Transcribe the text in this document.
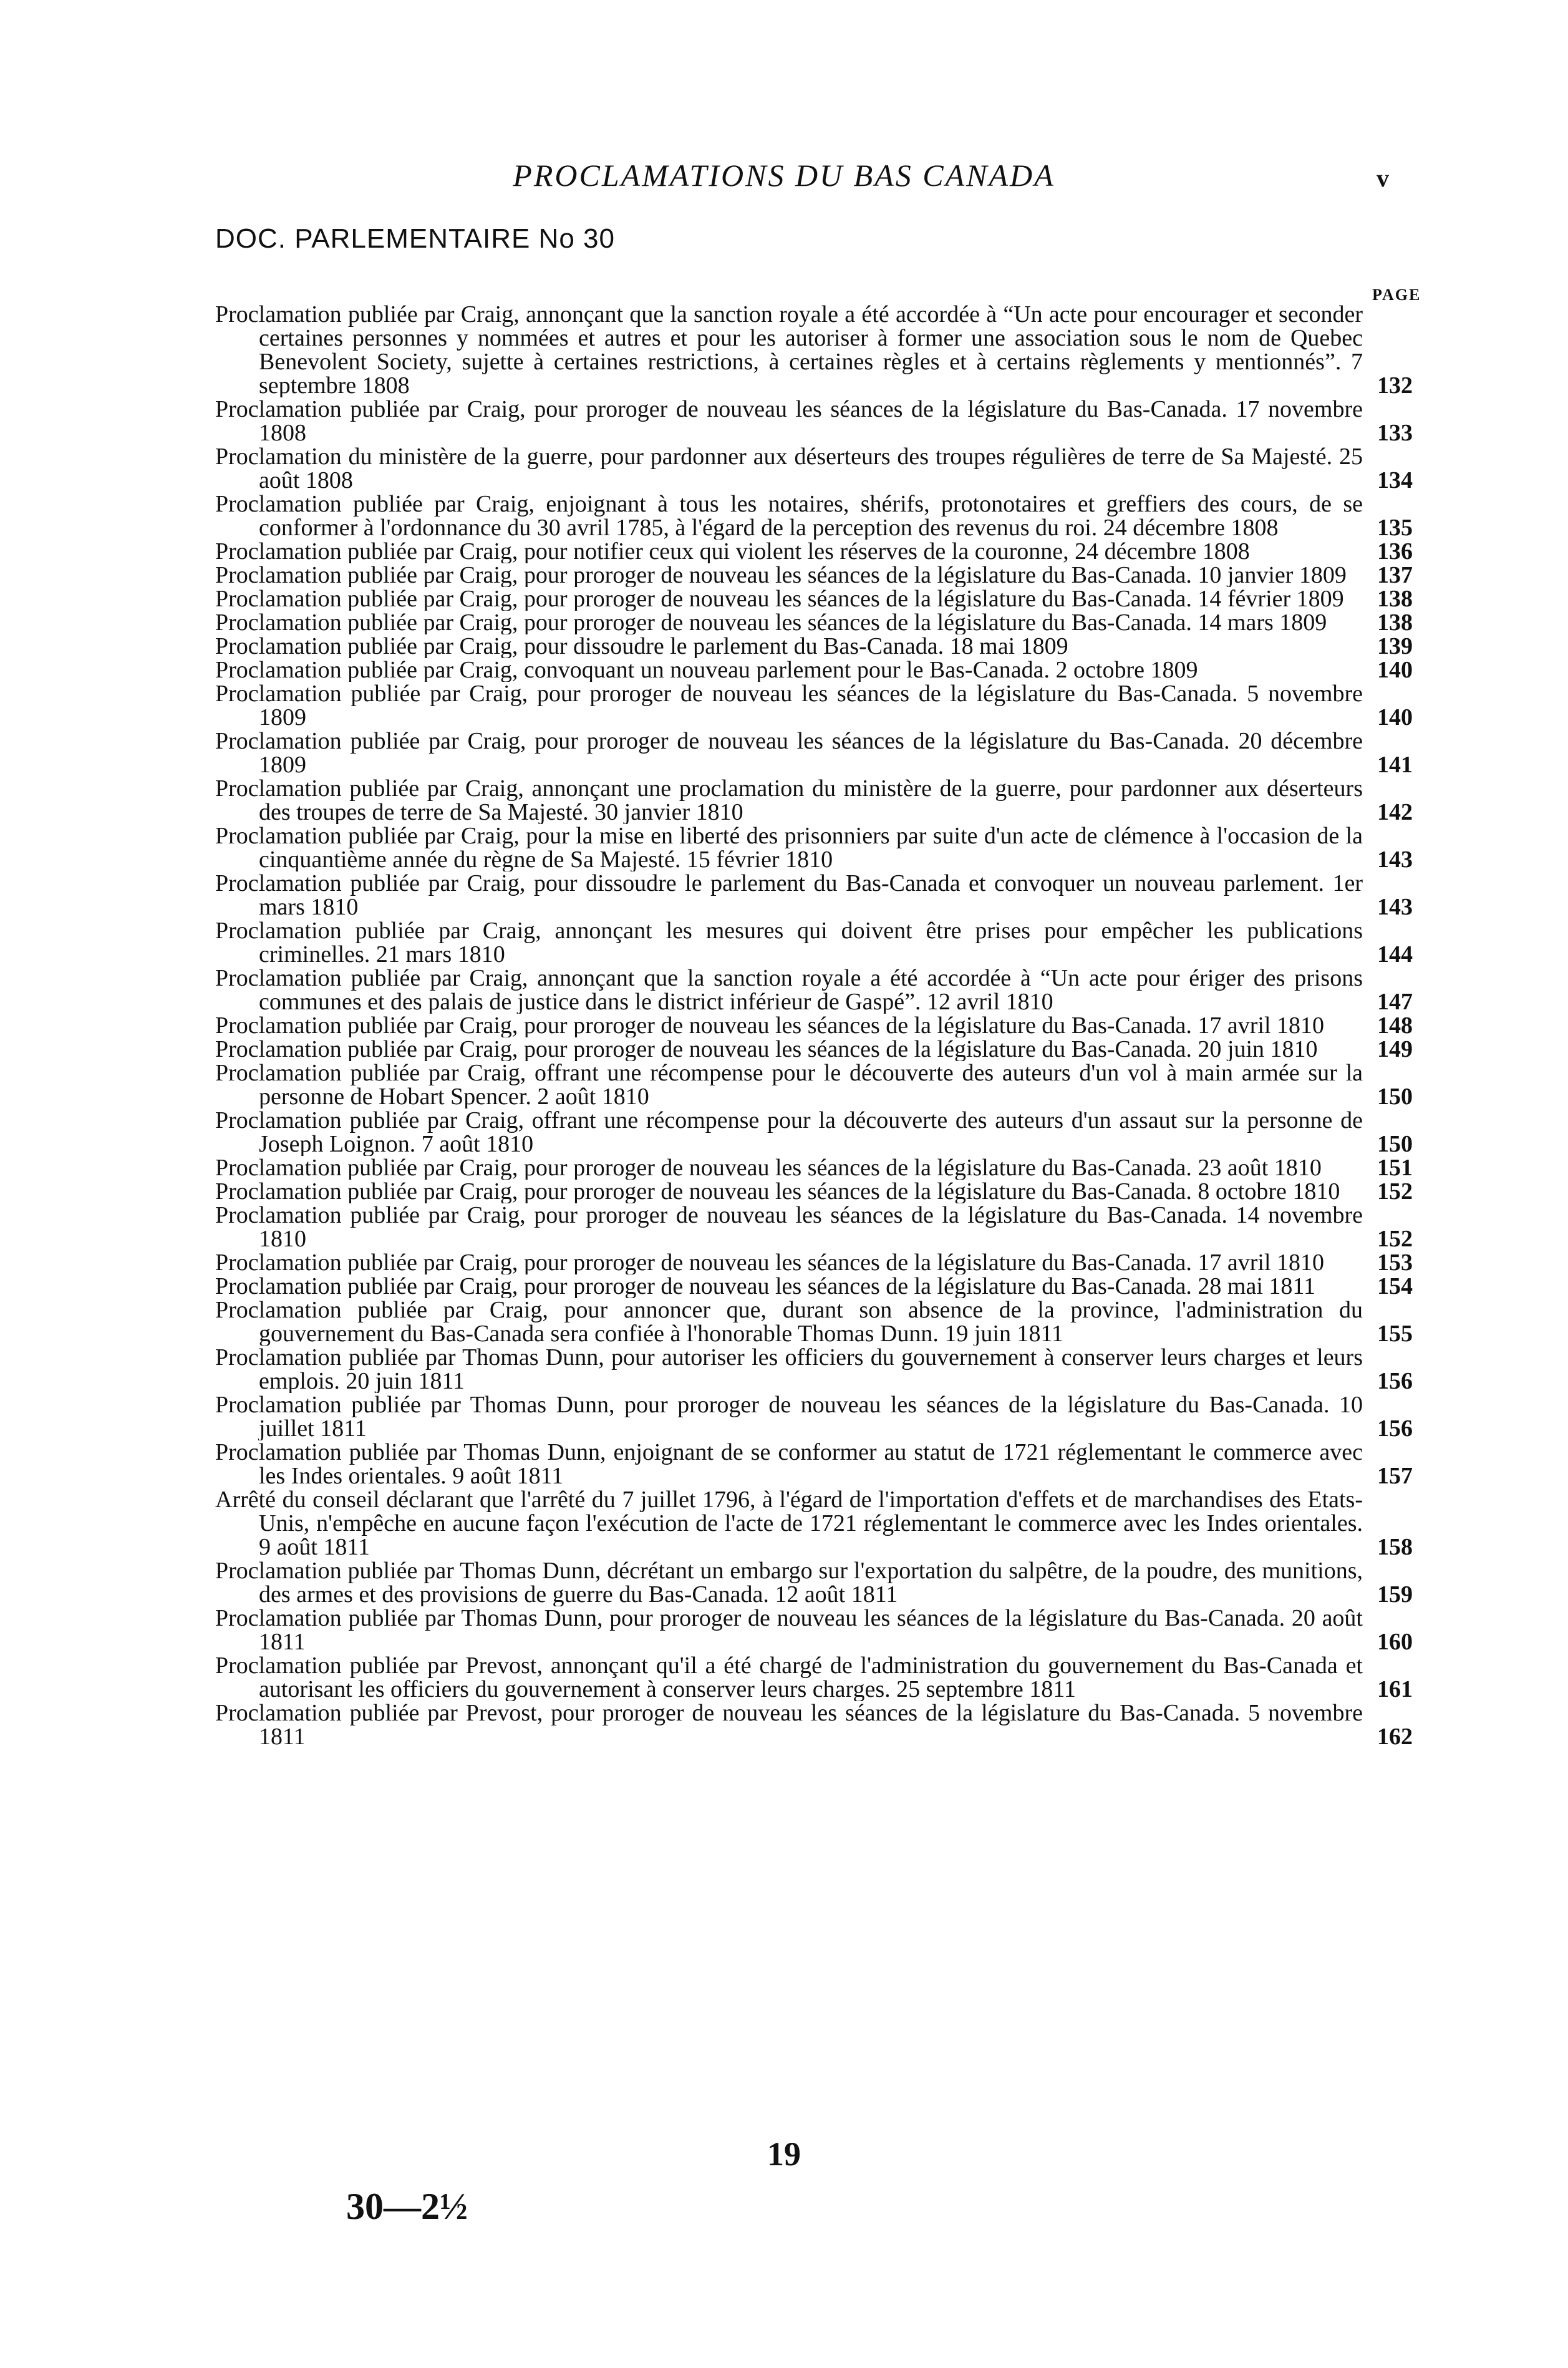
PROCLAMATIONS DU BAS CANADA	v
DOC. PARLEMENTAIRE No 30
PAGE
Proclamation publiée par Craig, annonçant que la sanction royale a été accordée à “Un acte pour encourager et seconder certaines personnes y nommées et autres et pour les autoriser à former une association sous le nom de Quebec Benevolent Society, sujette à certaines restrictions, à certaines règles et à certains règlements y mentionnés”. 7 septembre 1808	132
Proclamation publiée par Craig, pour proroger de nouveau les séances de la législature du Bas-Canada. 17 novembre 1808	133
Proclamation du ministère de la guerre, pour pardonner aux déserteurs des troupes régulières de terre de Sa Majesté. 25 août 1808	134
Proclamation publiée par Craig, enjoignant à tous les notaires, shérifs, protonotaires et greffiers des cours, de se conformer à l'ordonnance du 30 avril 1785, à l'égard de la perception des revenus du roi. 24 décembre 1808	135
Proclamation publiée par Craig, pour notifier ceux qui violent les réserves de la couronne, 24 décembre 1808	136
Proclamation publiée par Craig, pour proroger de nouveau les séances de la législature du Bas-Canada. 10 janvier 1809	137
Proclamation publiée par Craig, pour proroger de nouveau les séances de la législature du Bas-Canada. 14 février 1809	138
Proclamation publiée par Craig, pour proroger de nouveau les séances de la législature du Bas-Canada. 14 mars 1809	138
Proclamation publiée par Craig, pour dissoudre le parlement du Bas-Canada. 18 mai 1809	139
Proclamation publiée par Craig, convoquant un nouveau parlement pour le Bas-Canada. 2 octobre 1809	140
Proclamation publiée par Craig, pour proroger de nouveau les séances de la législature du Bas-Canada. 5 novembre 1809	140
Proclamation publiée par Craig, pour proroger de nouveau les séances de la législature du Bas-Canada. 20 décembre 1809	141
Proclamation publiée par Craig, annonçant une proclamation du ministère de la guerre, pour pardonner aux déserteurs des troupes de terre de Sa Majesté. 30 janvier 1810	142
Proclamation publiée par Craig, pour la mise en liberté des prisonniers par suite d'un acte de clémence à l'occasion de la cinquantième année du règne de Sa Majesté. 15 février 1810	143
Proclamation publiée par Craig, pour dissoudre le parlement du Bas-Canada et convoquer un nouveau parlement. 1er mars 1810	143
Proclamation publiée par Craig, annonçant les mesures qui doivent être prises pour empêcher les publications criminelles. 21 mars 1810	144
Proclamation publiée par Craig, annonçant que la sanction royale a été accordée à “Un acte pour ériger des prisons communes et des palais de justice dans le district inférieur de Gaspé”. 12 avril 1810	147
Proclamation publiée par Craig, pour proroger de nouveau les séances de la législature du Bas-Canada. 17 avril 1810	148
Proclamation publiée par Craig, pour proroger de nouveau les séances de la législature du Bas-Canada. 20 juin 1810	149
Proclamation publiée par Craig, offrant une récompense pour le découverte des auteurs d'un vol à main armée sur la personne de Hobart Spencer. 2 août 1810	150
Proclamation publiée par Craig, offrant une récompense pour la découverte des auteurs d'un assaut sur la personne de Joseph Loignon. 7 août 1810	150
Proclamation publiée par Craig, pour proroger de nouveau les séances de la législature du Bas-Canada. 23 août 1810	151
Proclamation publiée par Craig, pour proroger de nouveau les séances de la législature du Bas-Canada. 8 octobre 1810	152
Proclamation publiée par Craig, pour proroger de nouveau les séances de la législature du Bas-Canada. 14 novembre 1810	152
Proclamation publiée par Craig, pour proroger de nouveau les séances de la législature du Bas-Canada. 17 avril 1810	153
Proclamation publiée par Craig, pour proroger de nouveau les séances de la législature du Bas-Canada. 28 mai 1811	154
Proclamation publiée par Craig, pour annoncer que, durant son absence de la province, l'administration du gouvernement du Bas-Canada sera confiée à l'honorable Thomas Dunn. 19 juin 1811	155
Proclamation publiée par Thomas Dunn, pour autoriser les officiers du gouvernement à conserver leurs charges et leurs emplois. 20 juin 1811	156
Proclamation publiée par Thomas Dunn, pour proroger de nouveau les séances de la législature du Bas-Canada. 10 juillet 1811	156
Proclamation publiée par Thomas Dunn, enjoignant de se conformer au statut de 1721 réglementant le commerce avec les Indes orientales. 9 août 1811	157
Arrêté du conseil déclarant que l'arrêté du 7 juillet 1796, à l'égard de l'importation d'effets et de marchandises des Etats-Unis, n'empêche en aucune façon l'exécution de l'acte de 1721 réglementant le commerce avec les Indes orientales. 9 août 1811	158
Proclamation publiée par Thomas Dunn, décrétant un embargo sur l'exportation du salpêtre, de la poudre, des munitions, des armes et des provisions de guerre du Bas-Canada. 12 août 1811	159
Proclamation publiée par Thomas Dunn, pour proroger de nouveau les séances de la législature du Bas-Canada. 20 août 1811	160
Proclamation publiée par Prevost, annonçant qu'il a été chargé de l'administration du gouvernement du Bas-Canada et autorisant les officiers du gouvernement à conserver leurs charges. 25 septembre 1811	161
Proclamation publiée par Prevost, pour proroger de nouveau les séances de la législature du Bas-Canada. 5 novembre 1811	162
19
30—2½
